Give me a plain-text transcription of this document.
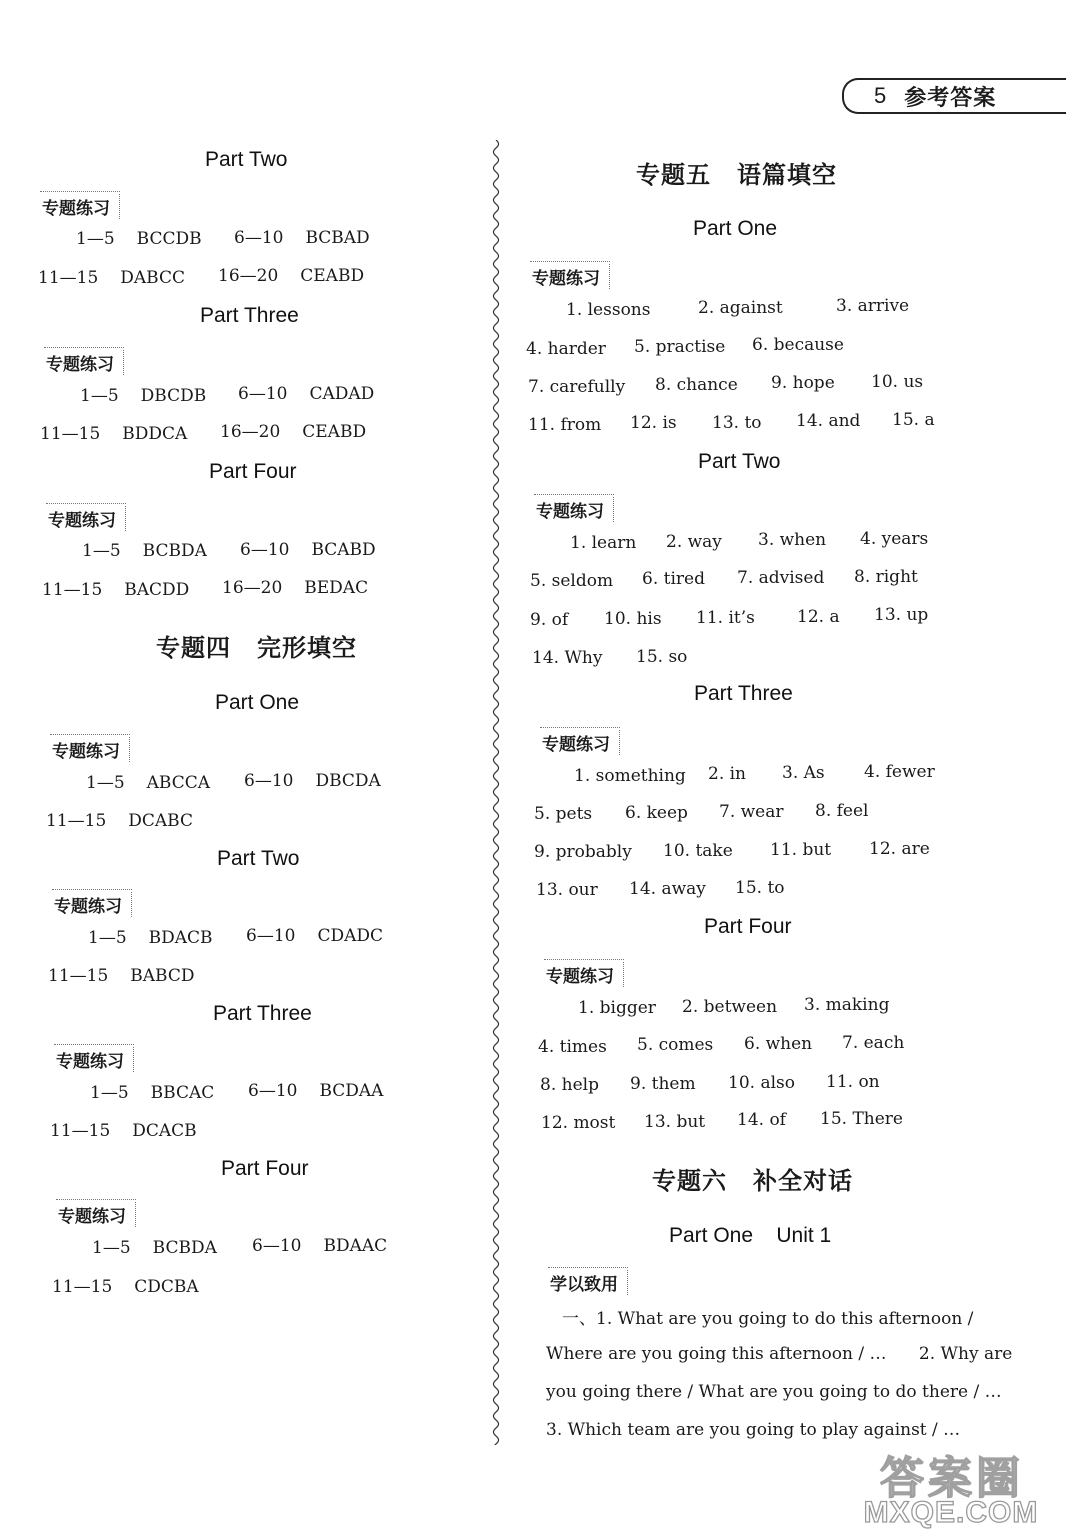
5 参考答案
Part Two
专题练习
1—5 BCCDB 6—10 BCBAD
11—15 DABCC 16—20 CEABD
Part Three
专题练习
1—5 DBCDB 6—10 CADAD
11—15 BDDCA 16—20 CEABD
Part Four
专题练习
1—5 BCBDA 6—10 BCABD
11—15 BACDD 16—20 BEDAC
专题四 完形填空
Part One
专题练习
1—5 ABCCA 6—10 DBCDA
11—15 DCABC
Part Two
专题练习
1—5 BDACB 6—10 CDADC
11—15 BABCD
Part Three
专题练习
1—5 BBCAC 6—10 BCDAA
11—15 DCACB
Part Four
专题练习
1—5 BCBDA 6—10 BDAAC
11—15 CDCBA
专题五 语篇填空
Part One
专题练习
1. lessons	2. against	3. arrive
4. harder 5. practise 6. because
7. carefully 8. chance 9. hope 10. us
11. from 12. is 13. to 14. and 15. a
Part Two
专题练习
1. learn 2. way 3. when 4. years
5. seldom 6. tired 7. advised 8. right
9. of 10. his 11. it’s 12. a 13. up
14. Why 15. so
Part Three
专题练习
1. something 2. in 3. As 4. fewer
5. pets 6. keep 7. wear 8. feel
9. probably 10. take 11. but 12. are
13. our 14. away 15. to
Part Four
专题练习
1. bigger 2. between 3. making
4. times 5. comes 6. when 7. each
8. help 9. them 10. also 11. on
12. most 13. but 14. of 15. There
专题六 补全对话
Part One    Unit 1
学以致用
一、1. What are you going to do this afternoon /
Where are you going this afternoon / …      2. Why are
you going there / What are you going to do there / …
3. Which team are you going to play against / …
答案圈
MXQE.COM
